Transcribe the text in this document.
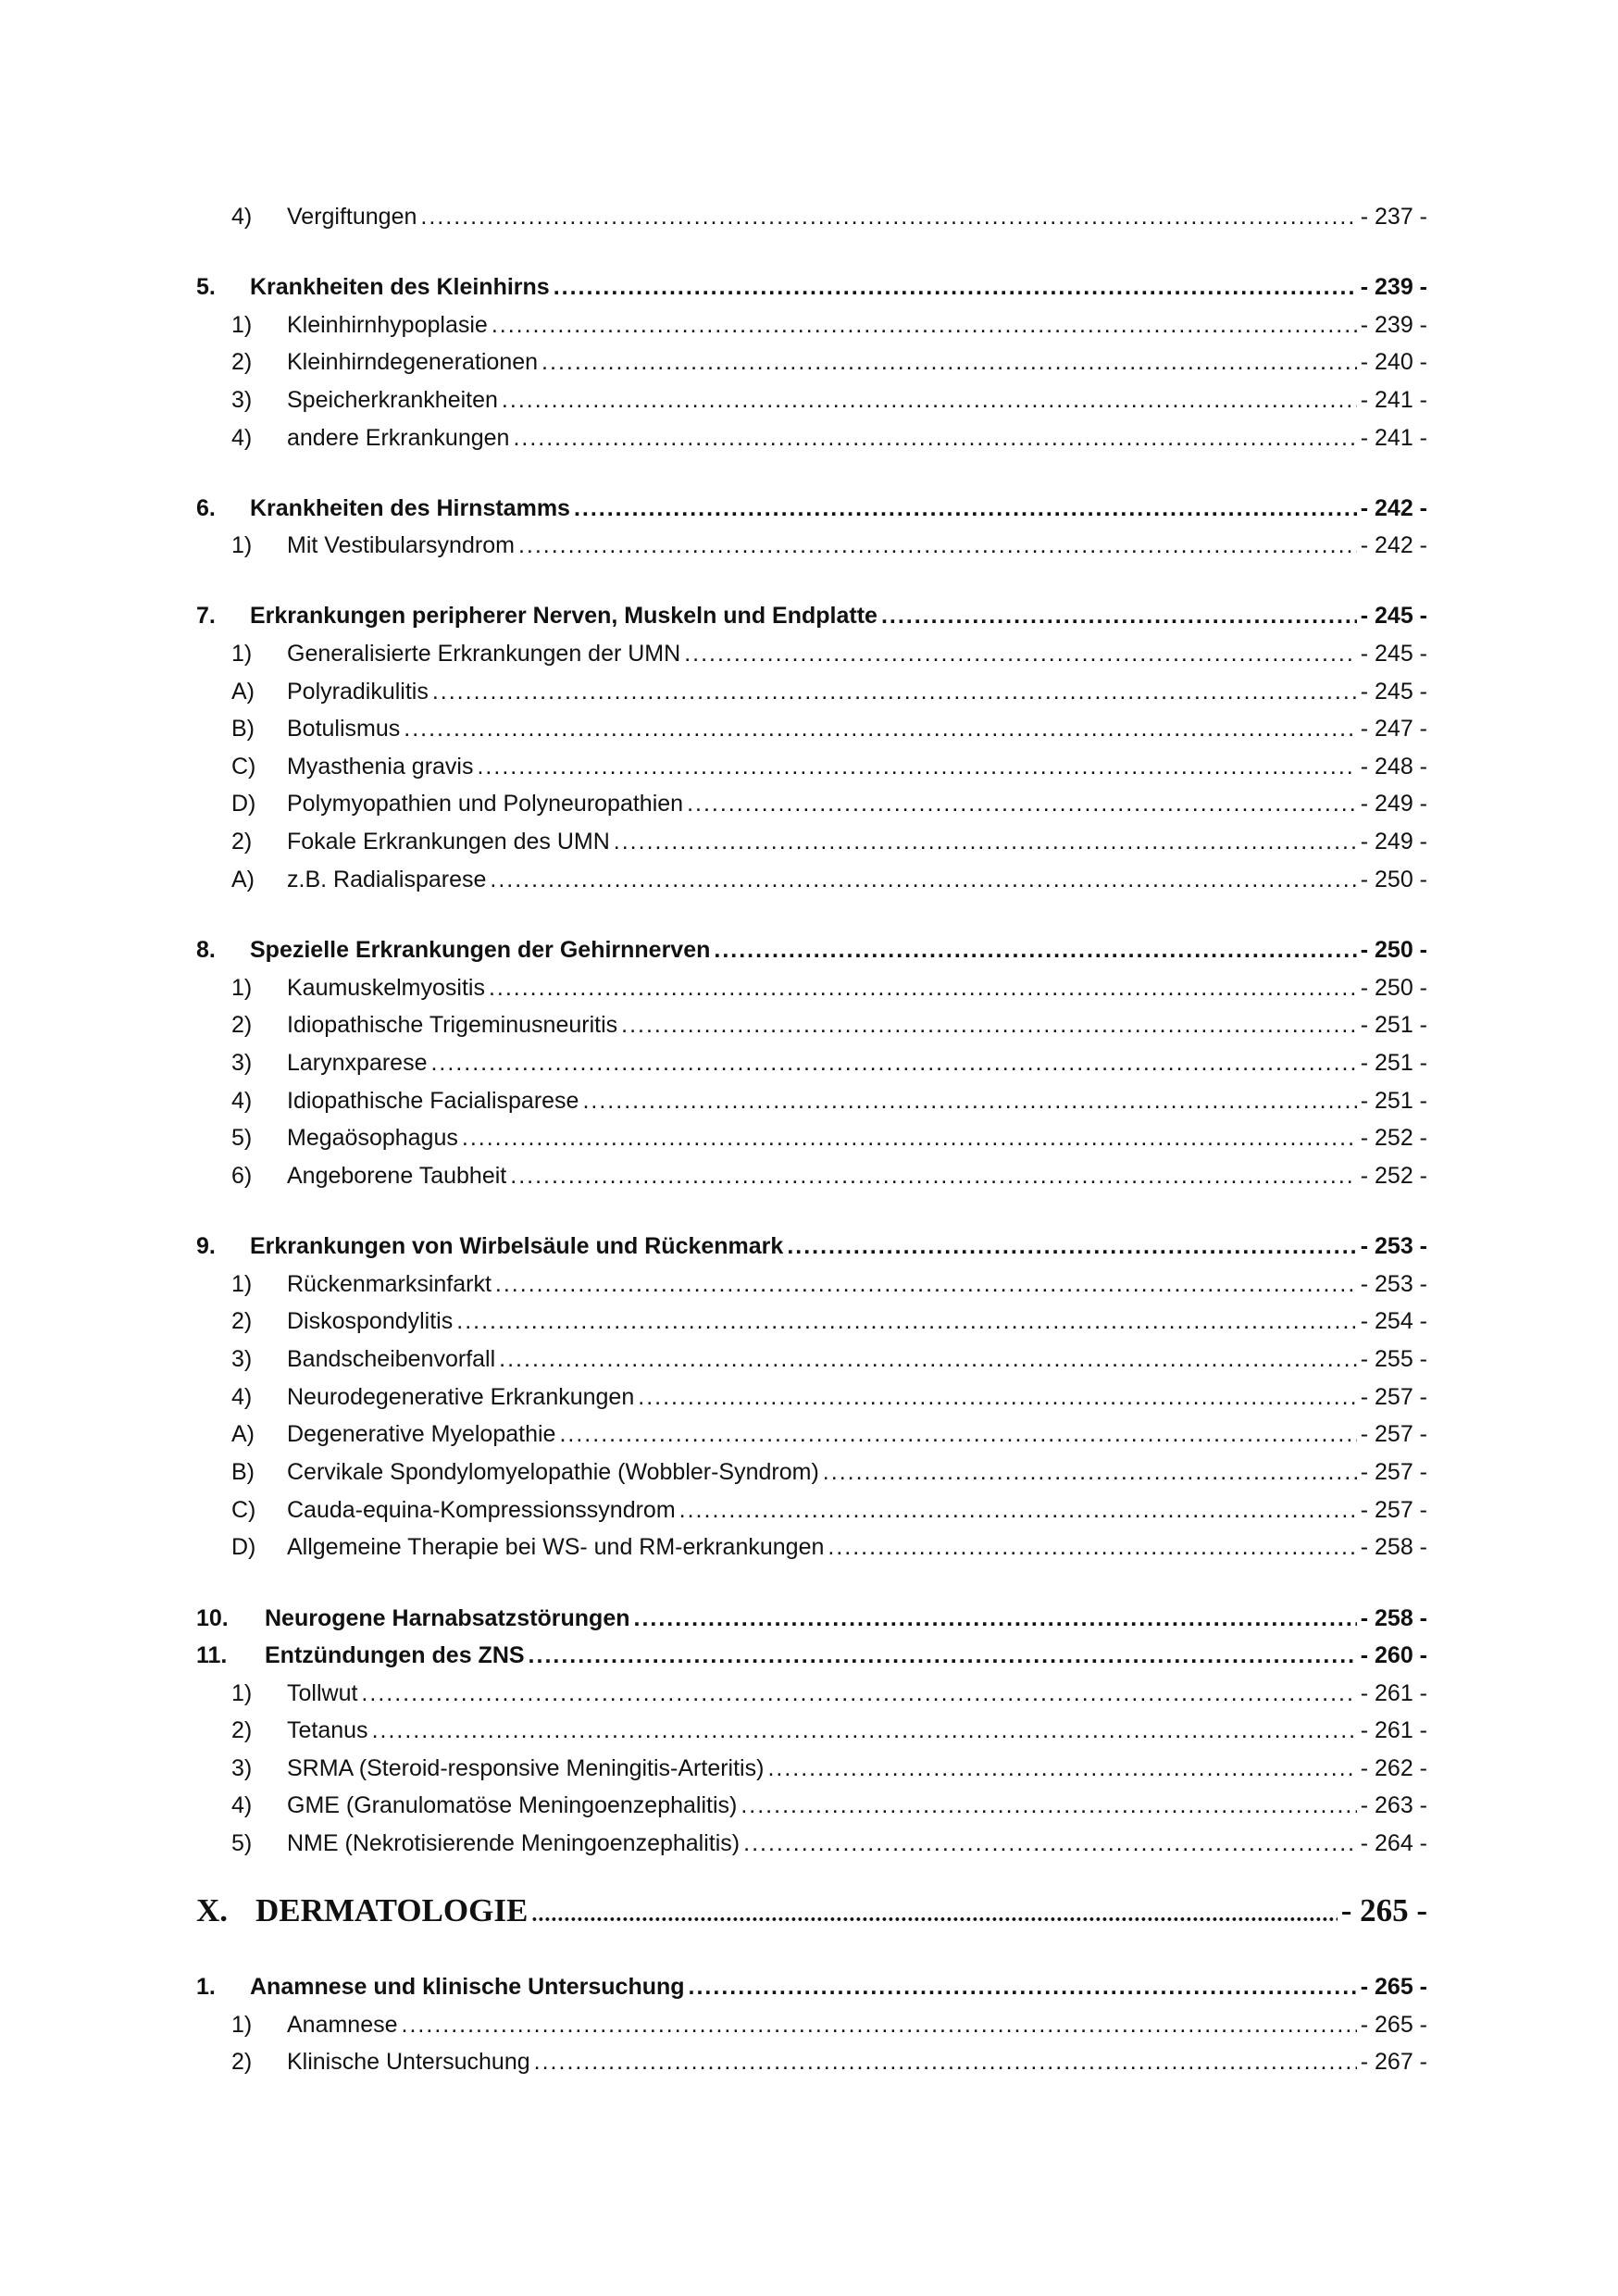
4)	Vergiftungen .....	- 237 -
5.	Krankheiten des Kleinhirns .....	- 239 -
1)	Kleinhirnhypoplasie .....	- 239 -
2)	Kleinhirndegenerationen .....	- 240 -
3)	Speicherkrankheiten .....	- 241 -
4)	andere Erkrankungen .....	- 241 -
6.	Krankheiten des Hirnstamms .....	- 242 -
1)	Mit Vestibularsyndrom .....	- 242 -
7.	Erkrankungen peripherer Nerven, Muskeln und Endplatte .....	- 245 -
1)	Generalisierte Erkrankungen der UMN .....	- 245 -
A)	Polyradikulitis .....	- 245 -
B)	Botulismus .....	- 247 -
C)	Myasthenia gravis .....	- 248 -
D)	Polymyopathien und Polyneuropathien .....	- 249 -
2)	Fokale Erkrankungen des UMN .....	- 249 -
A)	z.B. Radialisparese .....	- 250 -
8.	Spezielle Erkrankungen der Gehirnnerven .....	- 250 -
1)	Kaumuskelmyositis .....	- 250 -
2)	Idiopathische Trigeminusneuritis .....	- 251 -
3)	Larynxparese .....	- 251 -
4)	Idiopathische Facialisparese .....	- 251 -
5)	Megaösophagus .....	- 252 -
6)	Angeborene Taubheit .....	- 252 -
9.	Erkrankungen von Wirbelsäule und Rückenmark .....	- 253 -
1)	Rückenmarksinfarkt .....	- 253 -
2)	Diskospondylitis .....	- 254 -
3)	Bandscheibenvorfall .....	- 255 -
4)	Neurodegenerative Erkrankungen .....	- 257 -
A)	Degenerative Myelopathie .....	- 257 -
B)	Cervikale Spondylomyelopathie (Wobbler-Syndrom) .....	- 257 -
C)	Cauda-equina-Kompressionssyndrom .....	- 257 -
D)	Allgemeine Therapie bei WS- und RM-erkrankungen .....	- 258 -
10.	Neurogene Harnabsatzstörungen .....	- 258 -
11.	Entzündungen des ZNS .....	- 260 -
1)	Tollwut .....	- 261 -
2)	Tetanus .....	- 261 -
3)	SRMA (Steroid-responsive Meningitis-Arteritis) .....	- 262 -
4)	GME (Granulomatöse Meningoenzephalitis) .....	- 263 -
5)	NME (Nekrotisierende Meningoenzephalitis) .....	- 264 -
X. DERMATOLOGIE .....	- 265 -
1.	Anamnese und klinische Untersuchung .....	- 265 -
1)	Anamnese .....	- 265 -
2)	Klinische Untersuchung .....	- 267 -
